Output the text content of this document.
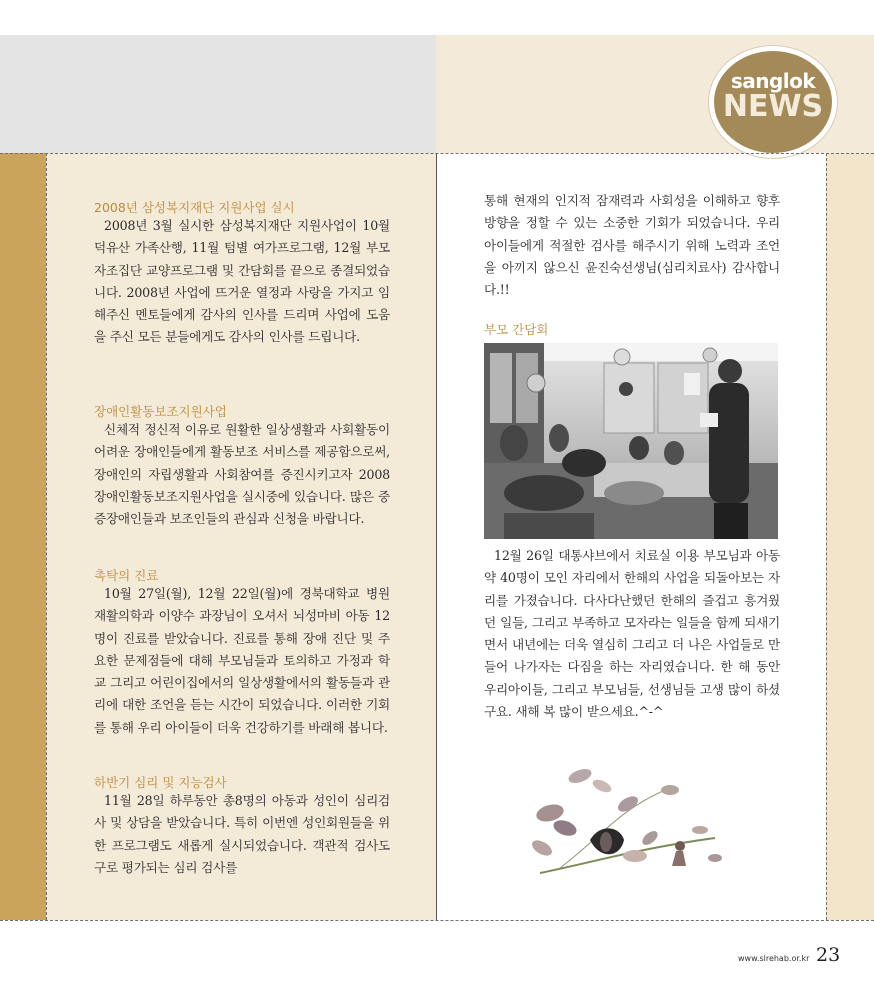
sanglok
NEWS
2008년 삼성복지재단 지원사업 실시
2008년 3월 실시한 삼성복지재단 지원사업이 10월 덕유산 가족산행, 11월 텀별 여가프로그램, 12월 부모자조집단 교양프로그램 및 간담회를 끝으로 종결되었습니다. 2008년 사업에 뜨거운 열정과 사랑을 가지고 임해주신 멘토들에게 감사의 인사를 드리며 사업에 도움을 주신 모든 분들에게도 감사의 인사를 드립니다.
장애인활동보조지원사업
신체적 정신적 이유로 원활한 일상생활과 사회활동이 어려운 장애인들에게 활동보조 서비스를 제공함으로써, 장애인의 자립생활과 사회참여를 증진시키고자 2008 장애인활동보조지원사업을 실시중에 있습니다. 많은 중증장애인들과 보조인들의 관심과 신청을 바랍니다.
촉탁의 진료
10월 27일(월), 12월 22일(월)에 경북대학교 병원 재활의학과 이양수 과장님이 오셔서 뇌성마비 아동 12명이 진료를 받았습니다. 진료를 통해 장애 진단 및 주요한 문제점들에 대해 부모님들과 토의하고 가정과 학교 그리고 어린이집에서의 일상생활에서의 활동들과 관리에 대한 조언을 듣는 시간이 되었습니다. 이러한 기회를 통해 우리 아이들이 더욱 건강하기를 바래해 봅니다.
하반기 심리 및 지능검사
11월 28일 하루동안 총8명의 아동과 성인이 심리검사 및 상담을 받았습니다. 특히 이번엔 성인회원들을 위한 프로그램도 새롭게 실시되었습니다. 객관적 검사도구로 평가되는 심리 검사를
통해 현재의 인지적 잠재력과 사회성을 이해하고 향후 방향을 정할 수 있는 소중한 기회가 되었습니다. 우리 아이들에게 적절한 검사를 해주시기 위해 노력과 조언을 아끼지 않으신 윤진숙선생님(심리치료사) 감사합니다.!!
부모 간담회
12월 26일 대통샤브에서 치료실 이용 부모님과 아동 약 40명이 모인 자리에서 한해의 사업을 되돌아보는 자리를 가졌습니다. 다사다난했던 한해의 즐겁고 흥겨웠던 일들, 그리고 부족하고 모자라는 일들을 함께 되새기면서 내년에는 더욱 열심히 그리고 더 나은 사업들로 만들어 나가자는 다짐을 하는 자리였습니다. 한 해 동안 우리아이들, 그리고 부모님들, 선생님들 고생 많이 하셨구요. 새해 복 많이 받으세요.^-^
www.slrehab.or.kr 23
